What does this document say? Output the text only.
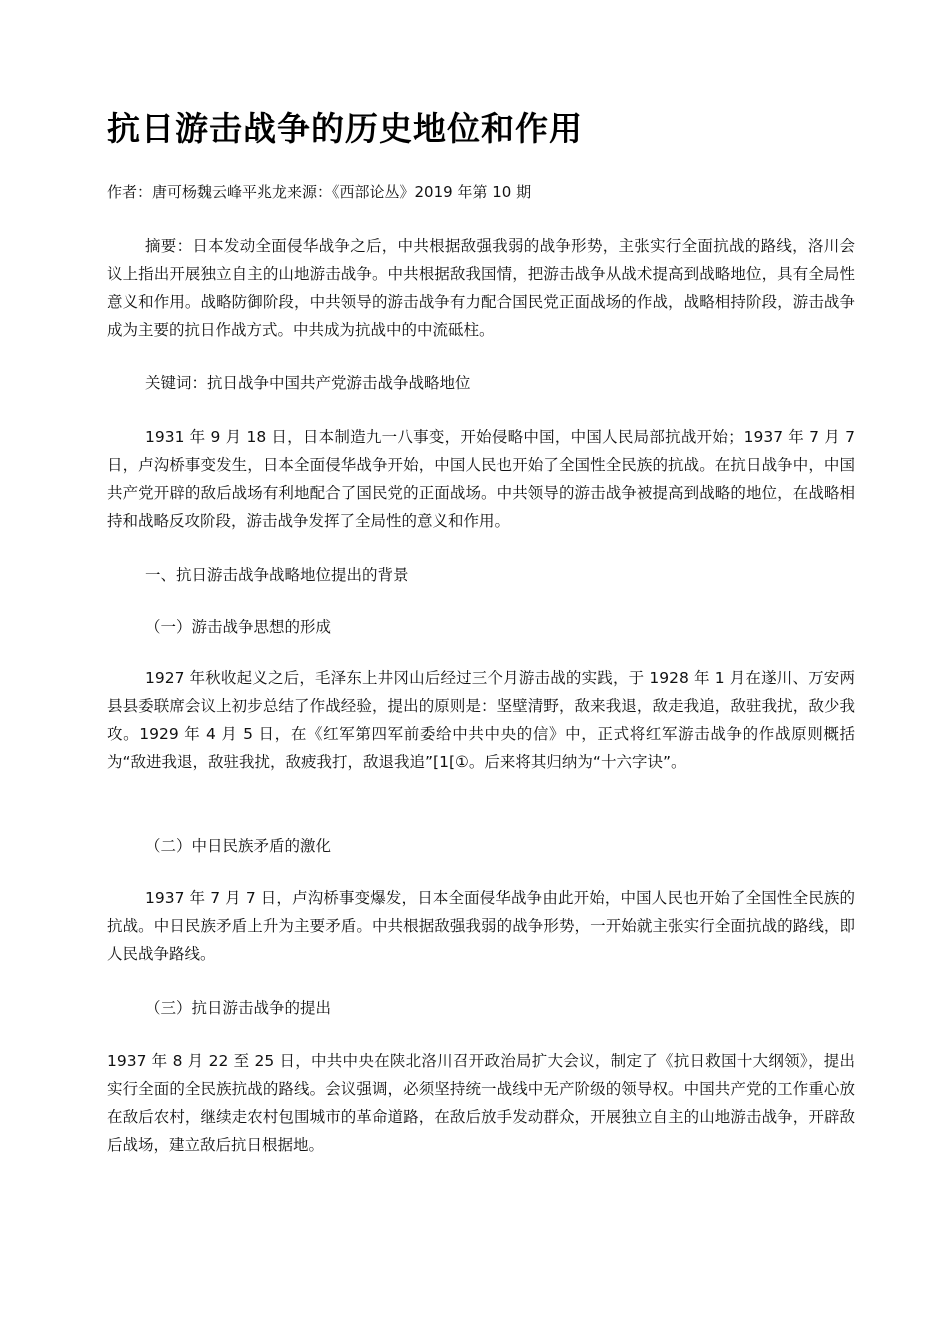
抗日游击战争的历史地位和作用
作者：唐可杨魏云峰平兆龙来源：《西部论丛》2019 年第 10 期

摘要：日本发动全面侵华战争之后，中共根据敌强我弱的战争形势，主张实行全面抗战的路线，洛川会议上指出开展独立自主的山地游击战争。中共根据敌我国情，把游击战争从战术提高到战略地位，具有全局性意义和作用。战略防御阶段，中共领导的游击战争有力配合国民党正面战场的作战，战略相持阶段，游击战争成为主要的抗日作战方式。中共成为抗战中的中流砥柱。

关键词：抗日战争中国共产党游击战争战略地位

1931 年 9 月 18 日，日本制造九一八事变，开始侵略中国，中国人民局部抗战开始；1937 年 7 月 7 日，卢沟桥事变发生，日本全面侵华战争开始，中国人民也开始了全国性全民族的抗战。在抗日战争中，中国共产党开辟的敌后战场有利地配合了国民党的正面战场。中共领导的游击战争被提高到战略的地位，在战略相持和战略反攻阶段，游击战争发挥了全局性的意义和作用。

一、抗日游击战争战略地位提出的背景

（一）游击战争思想的形成

1927 年秋收起义之后，毛泽东上井冈山后经过三个月游击战的实践，于 1928 年 1 月在遂川、万安两县县委联席会议上初步总结了作战经验，提出的原则是：坚壁清野，敌来我退，敌走我追，敌驻我扰，敌少我攻。1929 年 4 月 5 日，在《红军第四军前委给中共中央的信》中，正式将红军游击战争的作战原则概括为“敌进我退，敌驻我扰，敌疲我打，敌退我追”[1[①。后来将其归纳为“十六字诀”。

（二）中日民族矛盾的激化

1937 年 7 月 7 日，卢沟桥事变爆发，日本全面侵华战争由此开始，中国人民也开始了全国性全民族的抗战。中日民族矛盾上升为主要矛盾。中共根据敌强我弱的战争形势，一开始就主张实行全面抗战的路线，即人民战争路线。

（三）抗日游击战争的提出

1937 年 8 月 22 至 25 日，中共中央在陕北洛川召开政治局扩大会议，制定了《抗日救国十大纲领》，提出实行全面的全民族抗战的路线。会议强调，必须坚持统一战线中无产阶级的领导权。中国共产党的工作重心放在敌后农村，继续走农村包围城市的革命道路，在敌后放手发动群众，开展独立自主的山地游击战争，开辟敌后战场，建立敌后抗日根据地。
